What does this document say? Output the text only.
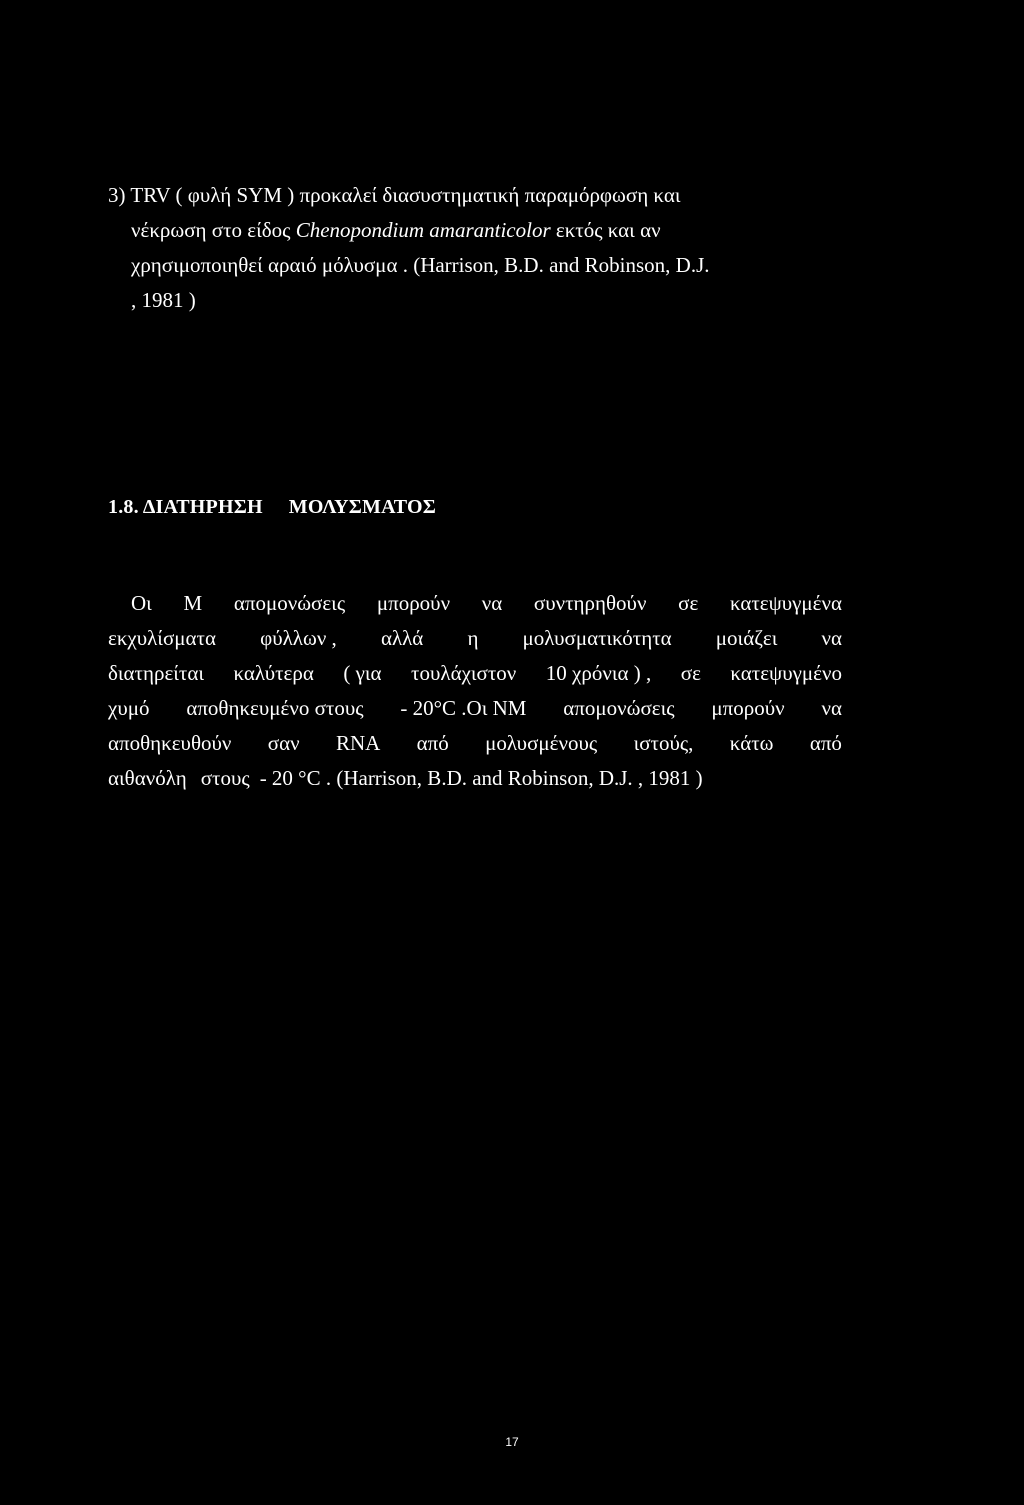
3) TRV ( φυλή SYM ) προκαλεί διασυστηματική παραμόρφωση και
νέκρωση στο είδος Chenopondium amaranticolor εκτός και αν
χρησιμοποιηθεί αραιό μόλυσμα . (Harrison, B.D. and Robinson, D.J.
, 1981 )
1.8. ΔΙΑΤΗΡΗΣΗ ΜΟΛΥΣΜΑΤΟΣ
Οι Μ απομονώσεις μπορούν να συντηρηθούν σε κατεψυγμένα
εκχυλίσματα φύλλων , αλλά η μολυσματικότητα μοιάζει να
διατηρείται καλύτερα ( για τουλάχιστον 10 χρόνια ) , σε κατεψυγμένο
χυμό αποθηκευμένο στους - 20°C .Οι ΝΜ απομονώσεις μπορούν να
αποθηκευθούν σαν RNA από μολυσμένους ιστούς, κάτω από
αιθανόλη στους - 20 °C . (Harrison, B.D. and Robinson, D.J. , 1981 )
17
